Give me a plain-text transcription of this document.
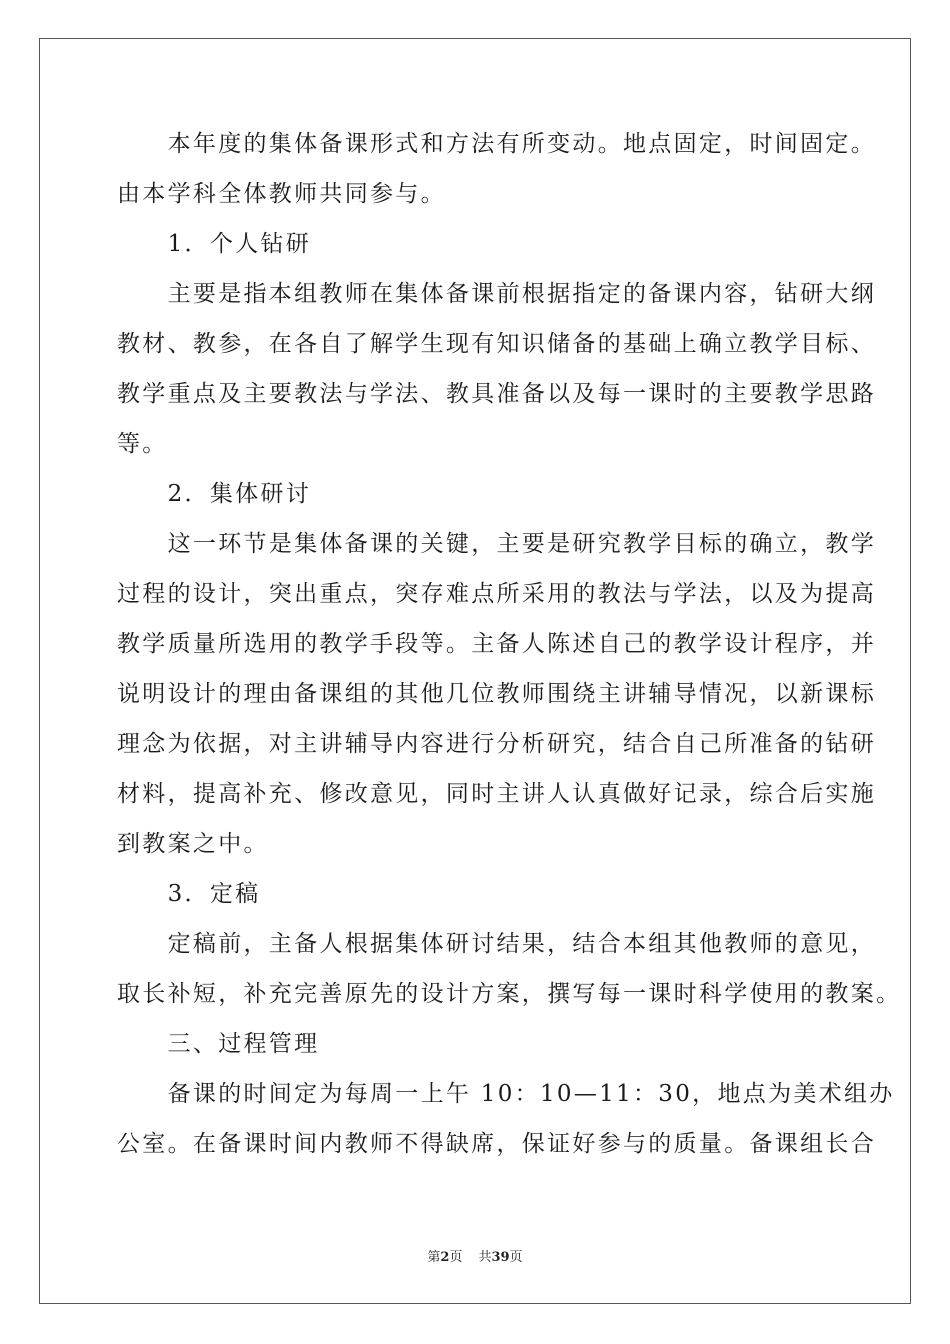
　　本年度的集体备课形式和方法有所变动。地点固定，时间固定。
由本学科全体教师共同参与。
　　1．个人钻研
　　主要是指本组教师在集体备课前根据指定的备课内容，钻研大纲
教材、教参，在各自了解学生现有知识储备的基础上确立教学目标、
教学重点及主要教法与学法、教具准备以及每一课时的主要教学思路
等。
　　2．集体研讨
　　这一环节是集体备课的关键，主要是研究教学目标的确立，教学
过程的设计，突出重点，突存难点所采用的教法与学法，以及为提高
教学质量所选用的教学手段等。主备人陈述自己的教学设计程序，并
说明设计的理由备课组的其他几位教师围绕主讲辅导情况，以新课标
理念为依据，对主讲辅导内容进行分析研究，结合自己所准备的钻研
材料，提高补充、修改意见，同时主讲人认真做好记录，综合后实施
到教案之中。
　　3．定稿
　　定稿前，主备人根据集体研讨结果，结合本组其他教师的意见，
取长补短，补充完善原先的设计方案，撰写每一课时科学使用的教案。
　　三、过程管理
　　备课的时间定为每周一上午 10：10—11：30，地点为美术组办
公室。在备课时间内教师不得缺席，保证好参与的质量。备课组长合
第2页 共39页
